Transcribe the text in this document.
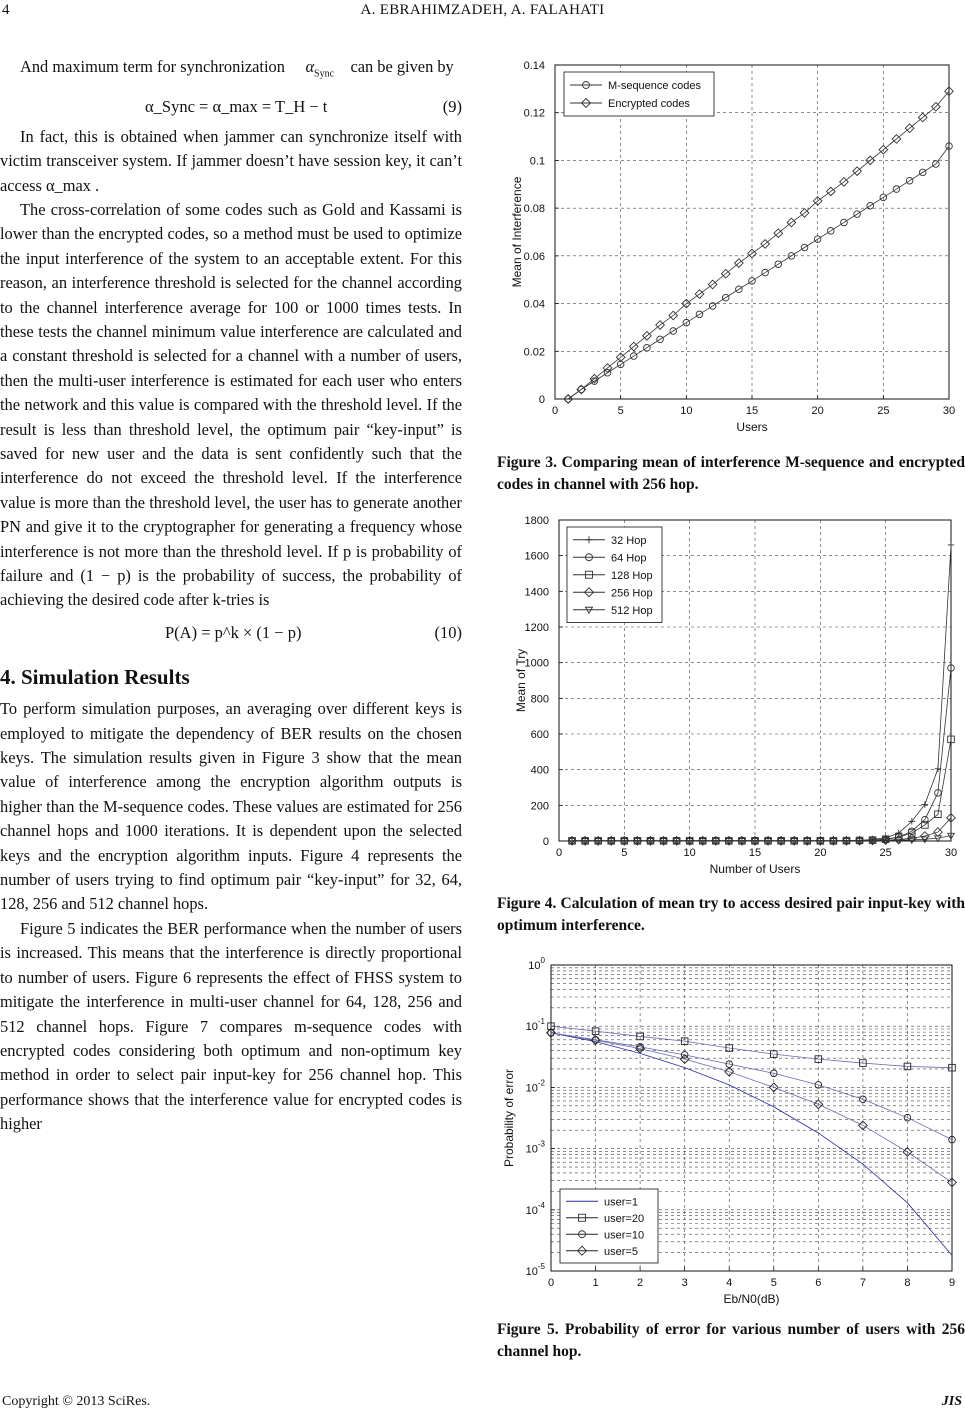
4	A. EBRAHIMZADEH, A. FALAHATI

And maximum term for synchronization $\alpha_{Sync}$ can be given by

α_Sync = α_max = T_H − t	(9)

In fact, this is obtained when jammer can synchronize itself with victim transceiver system. If jammer doesn’t have session key, it can’t access α_max .

The cross-correlation of some codes such as Gold and Kassami is lower than the encrypted codes, so a method must be used to optimize the input interference of the system to an acceptable extent. For this reason, an interference threshold is selected for the channel according to the channel interference average for 100 or 1000 times tests. In these tests the channel minimum value interference are calculated and a constant threshold is selected for a channel with a number of users, then the multi-user interference is estimated for each user who enters the network and this value is compared with the threshold level. If the result is less than threshold level, the optimum pair “key-input” is saved for new user and the data is sent confidently such that the interference do not exceed the threshold level. If the interference value is more than the threshold level, the user has to generate another PN and give it to the cryptographer for generating a frequency whose interference is not more than the threshold level. If p is probability of failure and (1 − p) is the probability of success, the probability of achieving the desired code after k-tries is

P(A) = p^k × (1 − p)	(10)
4. Simulation Results

To perform simulation purposes, an averaging over different keys is employed to mitigate the dependency of BER results on the chosen keys. The simulation results given in Figure 3 show that the mean value of interference among the encryption algorithm outputs is higher than the M-sequence codes. These values are estimated for 256 channel hops and 1000 iterations. It is dependent upon the selected keys and the encryption algorithm inputs. Figure 4 represents the number of users trying to find optimum pair “key-input” for 32, 64, 128, 256 and 512 channel hops.

Figure 5 indicates the BER performance when the number of users is increased. This means that the interference is directly proportional to number of users. Figure 6 represents the effect of FHSS system to mitigate the interference in multi-user channel for 64, 128, 256 and 512 channel hops. Figure 7 compares m-sequence codes with encrypted codes considering both optimum and non-optimum key method in order to select pair input-key for 256 channel hop. This performance shows that the interference value for encrypted codes is higher

0	5	10	15	20	25	30
0
0.02
0.04
0.06
0.08
0.1
0.12
0.14
Users
Mean of Interference
M-sequence codes
Encrypted codes
Figure 3. Comparing mean of interference M-sequence and encrypted codes in channel with 256 hop.
0	5	10	15	20	25	30
0
200
400
600
800
1000
1200
1400
1600
1800
Number of Users
Mean of Try
32 Hop
64 Hop
128 Hop
256 Hop
512 Hop
Figure 4. Calculation of mean try to access desired pair input-key with optimum interference.
0	1	2	3	4	5	6	7	8	9
$10^0$
$10^{-1}$
$10^{-2}$
$10^{-3}$
$10^{-4}$
$10^{-5}$
Eb/N0(dB)
Probability of error
user=1
user=20
user=10
user=5
Figure 5. Probability of error for various number of users with 256 channel hop.
Copyright © 2013 SciRes.	JIS
